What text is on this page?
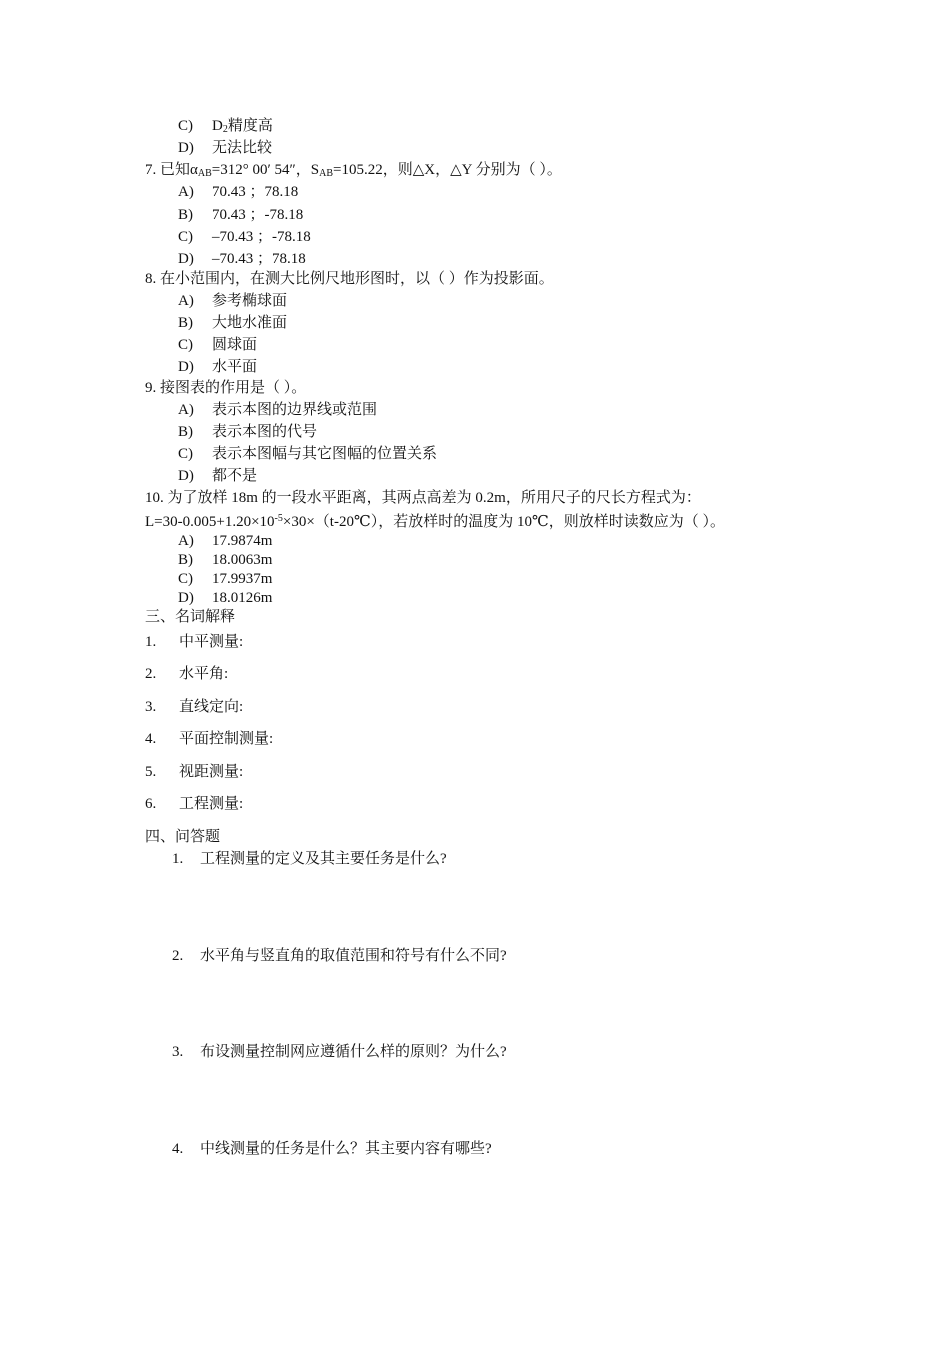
C) $D_2$精度高
D) 无法比较
7. 已知$\alpha_{AB}=312^\circ$ 00′ 54″，$S_{AB}=105.22$，则△X，△Y 分别为（ ）。
A) 70.43 ；78.18
B) 70.43 ；-78.18
C) –70.43 ；-78.18
D) –70.43 ；78.18
8. 在小范围内，在测大比例尺地形图时，以（ ）作为投影面。
A) 参考椭球面
B) 大地水准面
C) 圆球面
D) 水平面
9. 接图表的作用是（ ）。
A) 表示本图的边界线或范围
B) 表示本图的代号
C) 表示本图幅与其它图幅的位置关系
D) 都不是
10. 为了放样 18m 的一段水平距离，其两点高差为 0.2m，所用尺子的尺长方程式为：
$L=30-0.005+1.20\times 10^{-5}\times 30\times(t-20℃)$，若放样时的温度为 10℃，则放样时读数应为（ ）。
A) 17.9874m
B) 18.0063m
C) 17.9937m
D) 18.0126m
三、名词解释
1. 中平测量:
2. 水平角:
3. 直线定向:
4. 平面控制测量:
5. 视距测量:
6. 工程测量:
四、问答题
1. 工程测量的定义及其主要任务是什么?
2. 水平角与竖直角的取值范围和符号有什么不同?
3. 布设测量控制网应遵循什么样的原则？为什么?
4. 中线测量的任务是什么？其主要内容有哪些?
